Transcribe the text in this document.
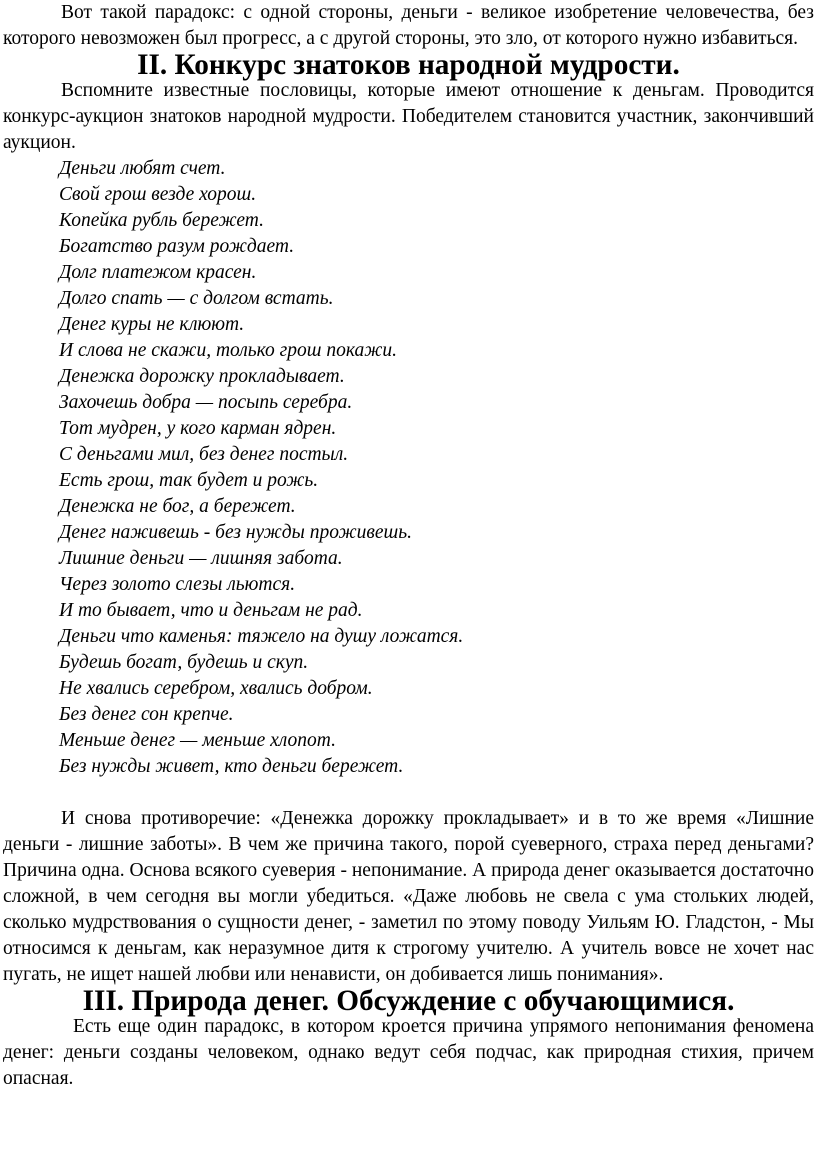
Вот такой парадокс: с одной стороны, деньги - великое изобретение человечества, без которого невозможен был прогресс, а с другой стороны, это зло, от которого нужно избавиться.

II. Конкурс знатоков народной мудрости.

Вспомните известные пословицы, которые имеют отношение к деньгам. Проводится конкурс-аукцион знатоков народной мудрости. Победителем становится участник, закончивший аукцион.

Деньги любят счет.
Свой грош везде хорош.
Копейка рубль бережет.
Богатство разум рождает.
Долг платежом красен.
Долго спать — с долгом встать.
Денег куры не клюют.
И слова не скажи, только грош покажи.
Денежка дорожку прокладывает.
Захочешь добра — посыпь серебра.
Тот мудрен, у кого карман ядрен.
С деньгами мил, без денег постыл.
Есть грош, так будет и рожь.
Денежка не бог, а бережет.
Денег наживешь - без нужды проживешь.
Лишние деньги — лишняя забота.
Через золото слезы льются.
И то бывает, что и деньгам не рад.
Деньги что каменья: тяжело на душу ложатся.
Будешь богат, будешь и скуп.
Не хвались серебром, хвались добром.
Без денег сон крепче.
Меньше денег — меньше хлопот.
Без нужды живет, кто деньги бережет.

И снова противоречие: «Денежка дорожку прокладывает» и в то же время «Лишние деньги - лишние заботы». В чем же причина такого, порой суеверного, страха перед деньгами? Причина одна. Основа всякого суеверия - непонимание. А природа денег оказывается достаточно сложной, в чем сегодня вы могли убедиться. «Даже любовь не свела с ума стольких людей, сколько мудрствования о сущности денег, - заметил по этому поводу Уильям Ю. Гладстон, - Мы относимся к деньгам, как неразумное дитя к строгому учителю. А учитель вовсе не хочет нас пугать, не ищет нашей любви или ненависти, он добивается лишь понимания».

III. Природа денег. Обсуждение с обучающимися.

Есть еще один парадокс, в котором кроется причина упрямого непонимания феномена денег: деньги созданы человеком, однако ведут себя подчас, как природная стихия, причем опасная.
